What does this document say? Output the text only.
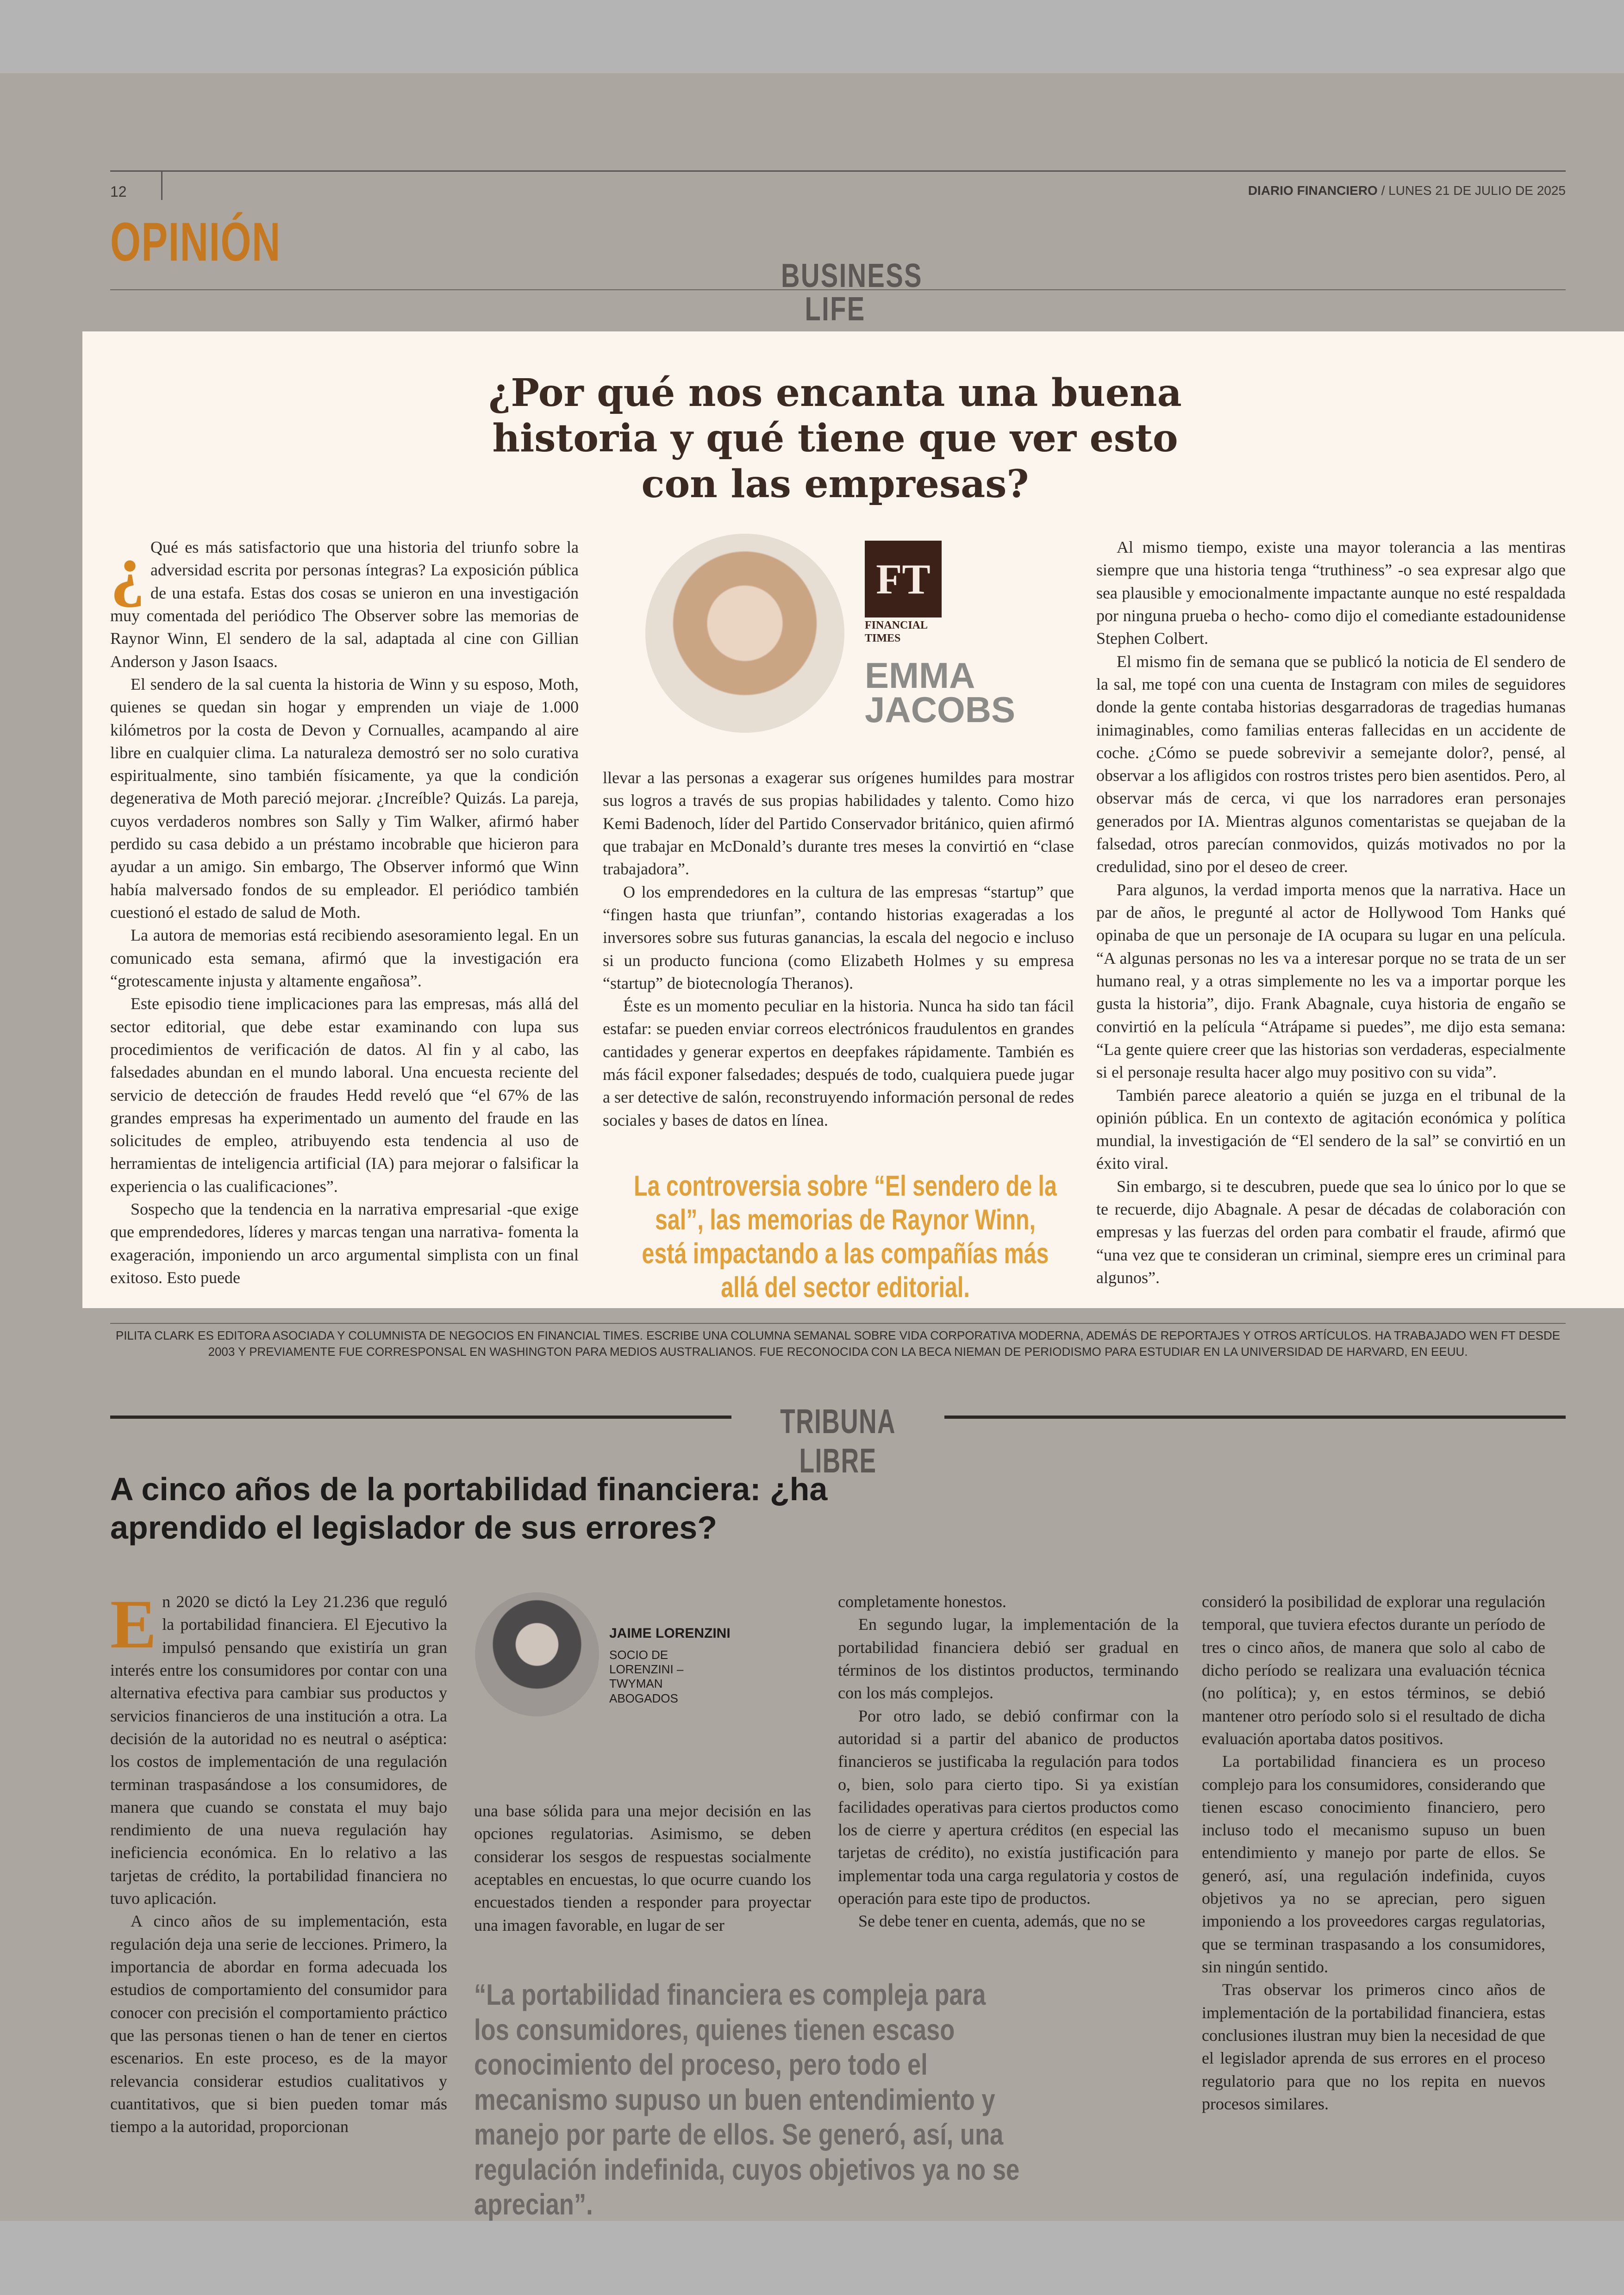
12	DIARIO FINANCIERO / LUNES 21 DE JULIO DE 2025
OPINIÓN
BUSINESS LIFE
¿Por qué nos encanta una buena historia y qué tiene que ver esto con las empresas?

¿ Qué es más satisfactorio que una historia del triunfo sobre la adversidad escrita por personas íntegras? La exposición pública de una estafa. Estas dos cosas se unieron en una investigación muy comentada del periódico The Observer sobre las memorias de Raynor Winn, El sendero de la sal, adaptada al cine con Gillian Anderson y Jason Isaacs.

El sendero de la sal cuenta la historia de Winn y su esposo, Moth, quienes se quedan sin hogar y emprenden un viaje de 1.000 kilómetros por la costa de Devon y Cornualles, acampando al aire libre en cualquier clima. La naturaleza demostró ser no solo curativa espiritualmente, sino también físicamente, ya que la condición degenerativa de Moth pareció mejorar. ¿Increíble? Quizás. La pareja, cuyos verdaderos nombres son Sally y Tim Walker, afirmó haber perdido su casa debido a un préstamo incobrable que hicieron para ayudar a un amigo. Sin embargo, The Observer informó que Winn había malversado fondos de su empleador. El periódico también cuestionó el estado de salud de Moth.

La autora de memorias está recibiendo asesoramiento legal. En un comunicado esta semana, afirmó que la investigación era “grotescamente injusta y altamente engañosa”.

Este episodio tiene implicaciones para las empresas, más allá del sector editorial, que debe estar examinando con lupa sus procedimientos de verificación de datos. Al fin y al cabo, las falsedades abundan en el mundo laboral. Una encuesta reciente del servicio de detección de fraudes Hedd reveló que “el 67% de las grandes empresas ha experimentado un aumento del fraude en las solicitudes de empleo, atribuyendo esta tendencia al uso de herramientas de inteligencia artificial (IA) para mejorar o falsificar la experiencia o las cualificaciones”.

Sospecho que la tendencia en la narrativa empresarial -que exige que emprendedores, líderes y marcas tengan una narrativa- fomenta la exageración, imponiendo un arco argumental simplista con un final exitoso. Esto puede

FT
FINANCIAL TIMES
EMMA JACOBS

llevar a las personas a exagerar sus orígenes humildes para mostrar sus logros a través de sus propias habilidades y talento. Como hizo Kemi Badenoch, líder del Partido Conservador británico, quien afirmó que trabajar en McDonald’s durante tres meses la convirtió en “clase trabajadora”.

O los emprendedores en la cultura de las empresas “startup” que “fingen hasta que triunfan”, contando historias exageradas a los inversores sobre sus futuras ganancias, la escala del negocio e incluso si un producto funciona (como Elizabeth Holmes y su empresa “startup” de biotecnología Theranos).

Éste es un momento peculiar en la historia. Nunca ha sido tan fácil estafar: se pueden enviar correos electrónicos fraudulentos en grandes cantidades y generar expertos en deepfakes rápidamente. También es más fácil exponer falsedades; después de todo, cualquiera puede jugar a ser detective de salón, reconstruyendo información personal de redes sociales y bases de datos en línea.

La controversia sobre “El sendero de la sal”, las memorias de Raynor Winn, está impactando a las compañías más allá del sector editorial.

Al mismo tiempo, existe una mayor tolerancia a las mentiras siempre que una historia tenga “truthiness” -o sea expresar algo que sea plausible y emocionalmente impactante aunque no esté respaldada por ninguna prueba o hecho- como dijo el comediante estadounidense Stephen Colbert.

El mismo fin de semana que se publicó la noticia de El sendero de la sal, me topé con una cuenta de Instagram con miles de seguidores donde la gente contaba historias desgarradoras de tragedias humanas inimaginables, como familias enteras fallecidas en un accidente de coche. ¿Cómo se puede sobrevivir a semejante dolor?, pensé, al observar a los afligidos con rostros tristes pero bien asentidos. Pero, al observar más de cerca, vi que los narradores eran personajes generados por IA. Mientras algunos comentaristas se quejaban de la falsedad, otros parecían conmovidos, quizás motivados no por la credulidad, sino por el deseo de creer.

Para algunos, la verdad importa menos que la narrativa. Hace un par de años, le pregunté al actor de Hollywood Tom Hanks qué opinaba de que un personaje de IA ocupara su lugar en una película. “A algunas personas no les va a interesar porque no se trata de un ser humano real, y a otras simplemente no les va a importar porque les gusta la historia”, dijo. Frank Abagnale, cuya historia de engaño se convirtió en la película “Atrápame si puedes”, me dijo esta semana: “La gente quiere creer que las historias son verdaderas, especialmente si el personaje resulta hacer algo muy positivo con su vida”.

También parece aleatorio a quién se juzga en el tribunal de la opinión pública. En un contexto de agitación económica y política mundial, la investigación de “El sendero de la sal” se convirtió en un éxito viral.

Sin embargo, si te descubren, puede que sea lo único por lo que se te recuerde, dijo Abagnale. A pesar de décadas de colaboración con empresas y las fuerzas del orden para combatir el fraude, afirmó que “una vez que te consideran un criminal, siempre eres un criminal para algunos”.

PILITA CLARK ES EDITORA ASOCIADA Y COLUMNISTA DE NEGOCIOS EN FINANCIAL TIMES. ESCRIBE UNA COLUMNA SEMANAL SOBRE VIDA CORPORATIVA MODERNA, ADEMÁS DE REPORTAJES Y OTROS ARTÍCULOS. HA TRABAJADO WEN FT DESDE 2003 Y PREVIAMENTE FUE CORRESPONSAL EN WASHINGTON PARA MEDIOS AUSTRALIANOS. FUE RECONOCIDA CON LA BECA NIEMAN DE PERIODISMO PARA ESTUDIAR EN LA UNIVERSIDAD DE HARVARD, EN EEUU.
TRIBUNA LIBRE
A cinco años de la portabilidad financiera: ¿ha aprendido el legislador de sus errores?

En 2020 se dictó la Ley 21.236 que reguló la portabilidad financiera. El Ejecutivo la impulsó pensando que existiría un gran interés entre los consumidores por contar con una alternativa efectiva para cambiar sus productos y servicios financieros de una institución a otra. La decisión de la autoridad no es neutral o aséptica: los costos de implementación de una regulación terminan traspasándose a los consumidores, de manera que cuando se constata el muy bajo rendimiento de una nueva regulación hay ineficiencia económica. En lo relativo a las tarjetas de crédito, la portabilidad financiera no tuvo aplicación.

A cinco años de su implementación, esta regulación deja una serie de lecciones. Primero, la importancia de abordar en forma adecuada los estudios de comportamiento del consumidor para conocer con precisión el comportamiento práctico que las personas tienen o han de tener en ciertos escenarios. En este proceso, es de la mayor relevancia considerar estudios cualitativos y cuantitativos, que si bien pueden tomar más tiempo a la autoridad, proporcionan

JAIME LORENZINI
SOCIO DE LORENZINI – TWYMAN ABOGADOS

una base sólida para una mejor decisión en las opciones regulatorias. Asimismo, se deben considerar los sesgos de respuestas socialmente aceptables en encuestas, lo que ocurre cuando los encuestados tienden a responder para proyectar una imagen favorable, en lugar de ser

completamente honestos.

En segundo lugar, la implementación de la portabilidad financiera debió ser gradual en términos de los distintos productos, terminando con los más complejos.

Por otro lado, se debió confirmar con la autoridad si a partir del abanico de productos financieros se justificaba la regulación para todos o, bien, solo para cierto tipo. Si ya existían facilidades operativas para ciertos productos como los de cierre y apertura créditos (en especial las tarjetas de crédito), no existía justificación para implementar toda una carga regulatoria y costos de operación para este tipo de productos.

Se debe tener en cuenta, además, que no se

consideró la posibilidad de explorar una regulación temporal, que tuviera efectos durante un período de tres o cinco años, de manera que solo al cabo de dicho período se realizara una evaluación técnica (no política); y, en estos términos, se debió mantener otro período solo si el resultado de dicha evaluación aportaba datos positivos.

La portabilidad financiera es un proceso complejo para los consumidores, considerando que tienen escaso conocimiento financiero, pero incluso todo el mecanismo supuso un buen entendimiento y manejo por parte de ellos. Se generó, así, una regulación indefinida, cuyos objetivos ya no se aprecian, pero siguen imponiendo a los proveedores cargas regulatorias, que se terminan traspasando a los consumidores, sin ningún sentido.

Tras observar los primeros cinco años de implementación de la portabilidad financiera, estas conclusiones ilustran muy bien la necesidad de que el legislador aprenda de sus errores en el proceso regulatorio para que no los repita en nuevos procesos similares.

“La portabilidad financiera es compleja para los consumidores, quienes tienen escaso conocimiento del proceso, pero todo el mecanismo supuso un buen entendimiento y manejo por parte de ellos. Se generó, así, una regulación indefinida, cuyos objetivos ya no se aprecian”.
